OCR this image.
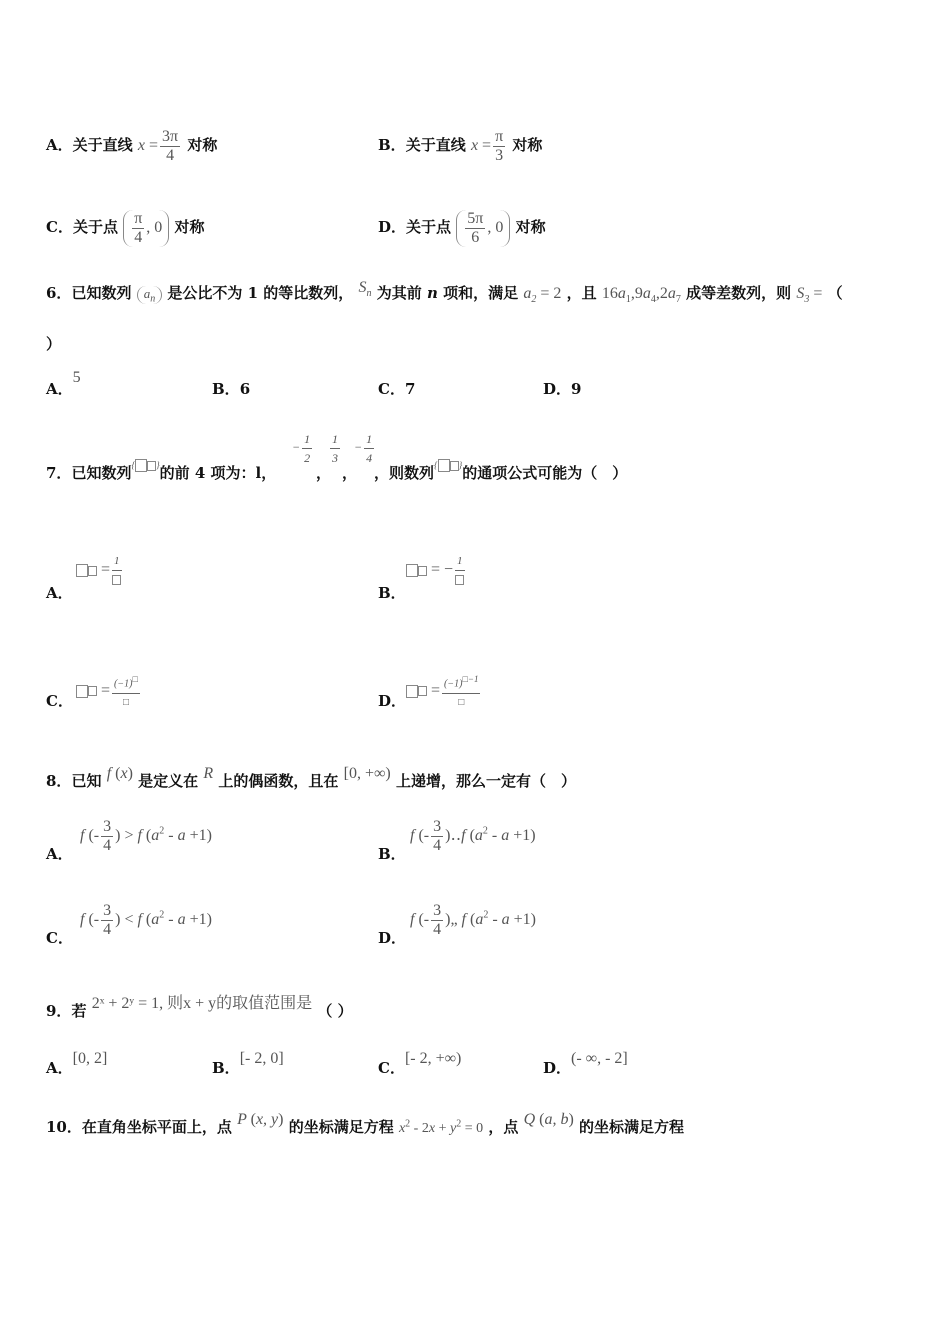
A．关于直线 $x = \frac{3\pi}{4}$ 对称	B．关于直线 $x = \frac{\pi}{3}$ 对称
C．关于点 $\frac{\pi}{4}$ , 0 对称	D．关于点 $\frac{5\pi}{6}$ , 0 对称
6．已知数列 $a_n$ 是公比不为 1 的等比数列， $S_n$ 为其前 n 项和，满足 $a_2 = 2$ ，且 $16a_1,9a_4,2a_7$ 成等差数列，则 $S_3$ = （
）
A．5
B．6	C．7	D．9
7．已知数列{ }的前 4 项为：l，
− $\frac{1}{2} \frac{1}{3} - \frac{1}{4}$
， ， ，则数列{ }的通项公式可能为（　）
A．
=
1
B．
= −
1
C．
= $\frac{(-1)^□}{□}$	D．
= $\frac{(-1)^{□-1}}{□}$
8．已知 f (x) 是定义在 R 上的偶函数，且在 [0, +∞) 上递增，那么一定有（　）
A．
f (- $\frac{3}{4}$ ) > f $(a^2 - a +1)$
B．
f (- $\frac{3}{4}$ )‥f $(a^2 - a +1)$
C．
f (- $\frac{3}{4}$ ) < f $(a^2 - a +1)$
D．
f (- $\frac{3}{4}$ )„ f $(a^2 - a +1)$
9．若 2ˣ + 2ʸ = 1, 则x + y的取值范围是 （ ）
A．[0, 2]
B．[- 2, 0]
C．[- 2, +∞)
D．(- ∞, - 2]
10．在直角坐标平面上，点 P (x, y) 的坐标满足方程 $x^2 - 2x + y^2 = 0$ ，点 Q (a, b) 的坐标满足方程
